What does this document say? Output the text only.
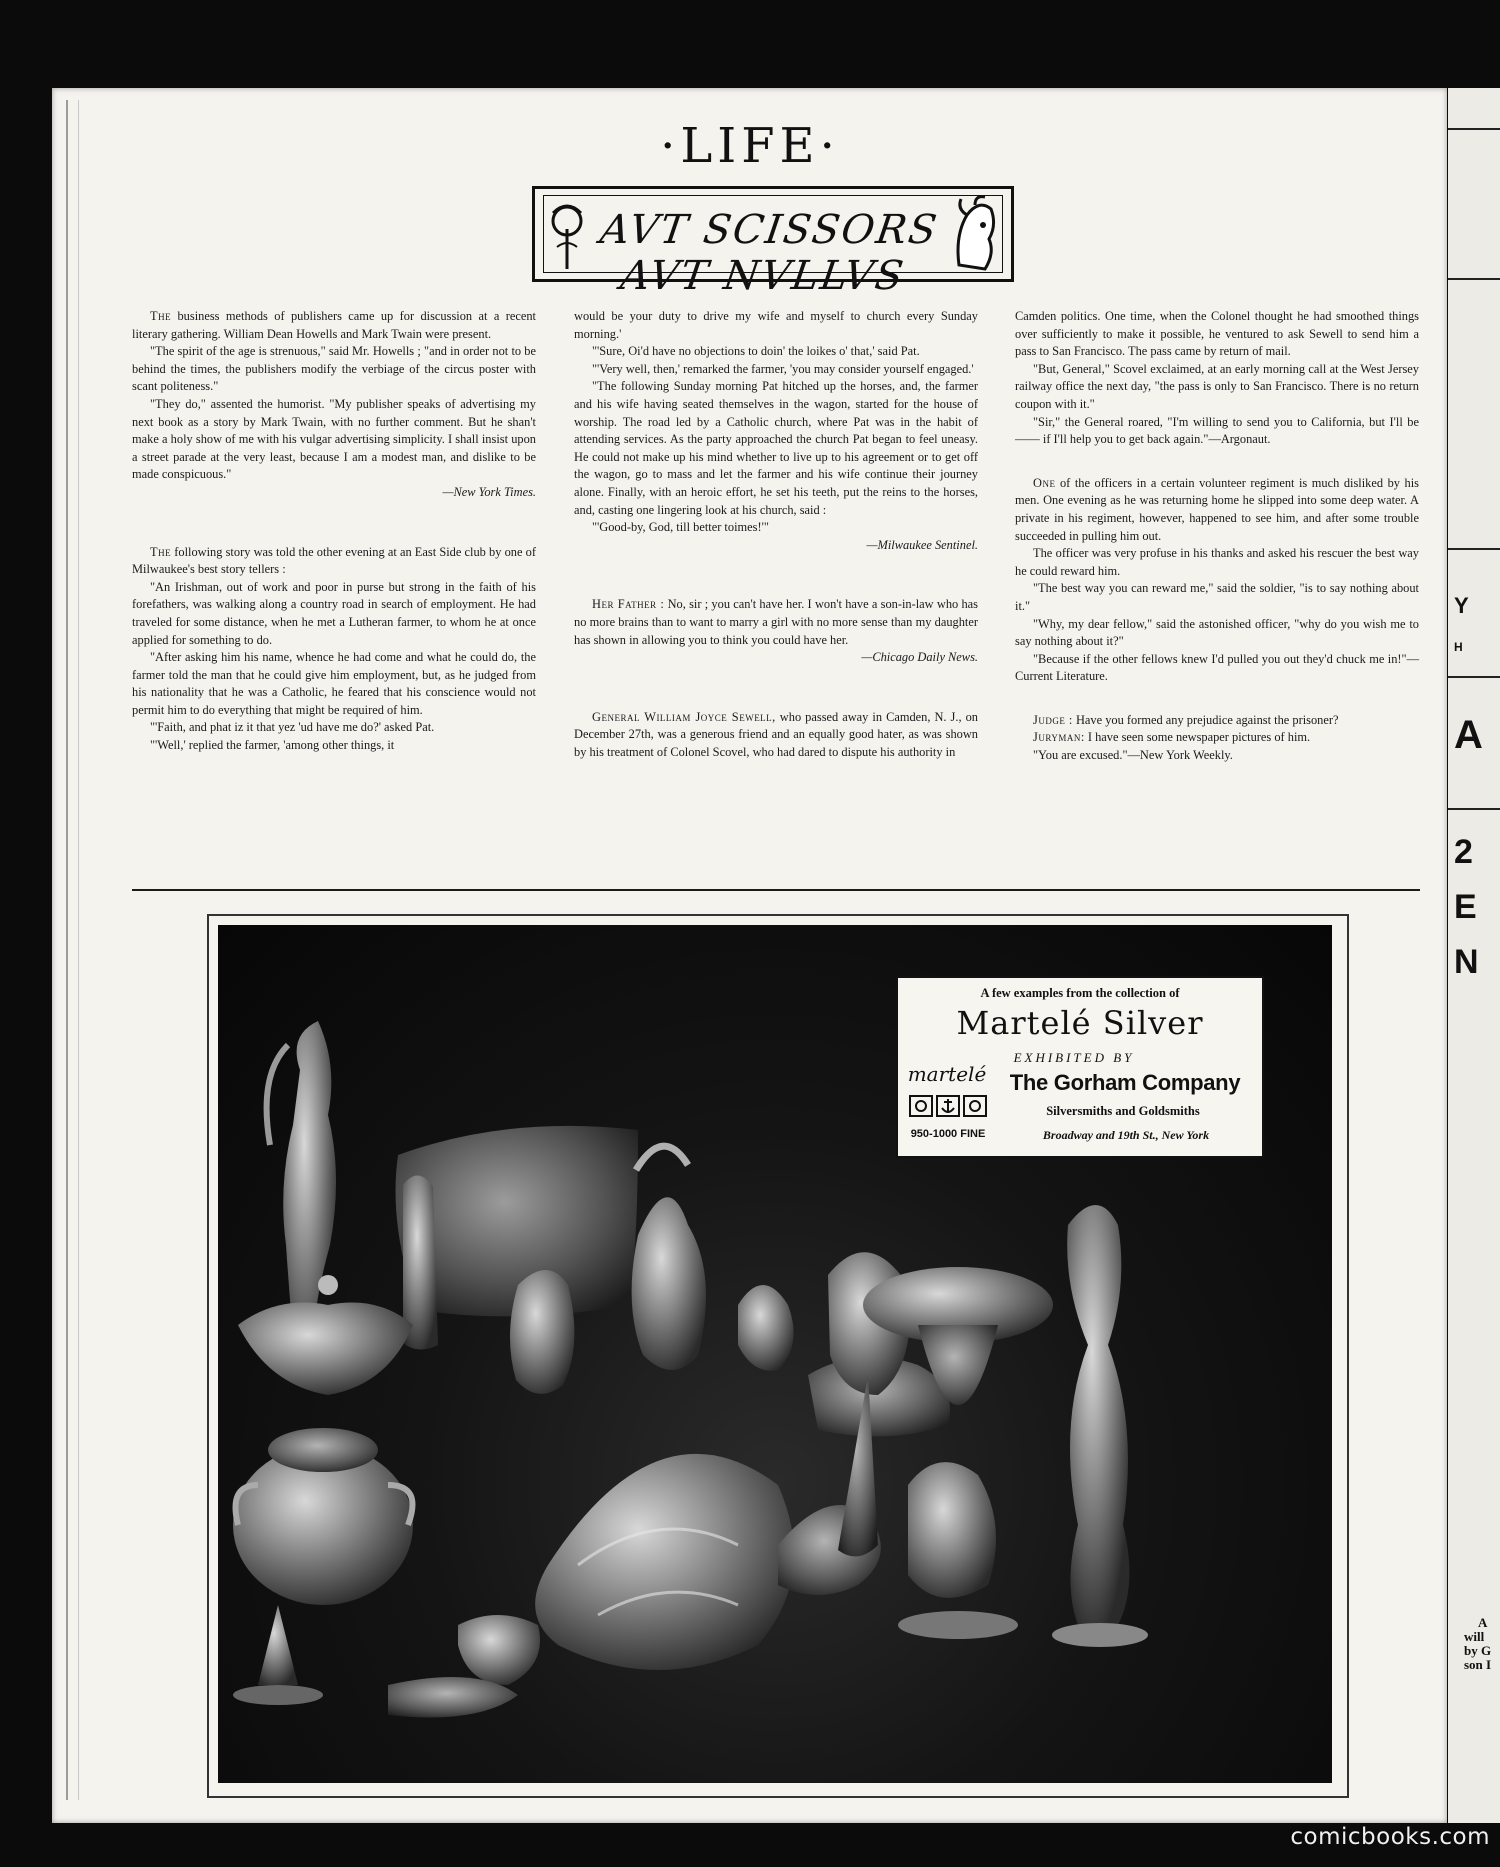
Y
H
A
2
E
N
A
will
by G
son I
·LIFE·
AVT SCISSORS AVT NVLLVS

The business methods of publishers came up for discussion at a recent literary gathering. William Dean Howells and Mark Twain were present.

"The spirit of the age is strenuous," said Mr. Howells ; "and in order not to be behind the times, the publishers modify the verbiage of the circus poster with scant politeness."

"They do," assented the humorist. "My publisher speaks of advertising my next book as a story by Mark Twain, with no further comment. But he shan't make a holy show of me with his vulgar advertising simplicity. I shall insist upon a street parade at the very least, because I am a modest man, and dislike to be made conspicuous."

—New York Times.

The following story was told the other evening at an East Side club by one of Milwaukee's best story tellers :

"An Irishman, out of work and poor in purse but strong in the faith of his forefathers, was walking along a country road in search of employment. He had traveled for some distance, when he met a Lutheran farmer, to whom he at once applied for something to do.

"After asking him his name, whence he had come and what he could do, the farmer told the man that he could give him employment, but, as he judged from his nationality that he was a Catholic, he feared that his conscience would not permit him to do everything that might be required of him.

"'Faith, and phat iz it that yez 'ud have me do?' asked Pat.

"'Well,' replied the farmer, 'among other things, it

would be your duty to drive my wife and myself to church every Sunday morning.'

"'Sure, Oi'd have no objections to doin' the loikes o' that,' said Pat.

"'Very well, then,' remarked the farmer, 'you may consider yourself engaged.'

"The following Sunday morning Pat hitched up the horses, and, the farmer and his wife having seated themselves in the wagon, started for the house of worship. The road led by a Catholic church, where Pat was in the habit of attending services. As the party approached the church Pat began to feel uneasy. He could not make up his mind whether to live up to his agreement or to get off the wagon, go to mass and let the farmer and his wife continue their journey alone. Finally, with an heroic effort, he set his teeth, put the reins to the horses, and, casting one lingering look at his church, said :

"'Good-by, God, till better toimes!'"

—Milwaukee Sentinel.

Her Father : No, sir ; you can't have her. I won't have a son-in-law who has no more brains than to want to marry a girl with no more sense than my daughter has shown in allowing you to think you could have her.

—Chicago Daily News.

General William Joyce Sewell, who passed away in Camden, N. J., on December 27th, was a generous friend and an equally good hater, as was shown by his treatment of Colonel Scovel, who had dared to dispute his authority in

Camden politics. One time, when the Colonel thought he had smoothed things over sufficiently to make it possible, he ventured to ask Sewell to send him a pass to San Francisco. The pass came by return of mail.

"But, General," Scovel exclaimed, at an early morning call at the West Jersey railway office the next day, "the pass is only to San Francisco. There is no return coupon with it."

"Sir," the General roared, "I'm willing to send you to California, but I'll be —— if I'll help you to get back again."—Argonaut.

One of the officers in a certain volunteer regiment is much disliked by his men. One evening as he was returning home he slipped into some deep water. A private in his regiment, however, happened to see him, and after some trouble succeeded in pulling him out.

The officer was very profuse in his thanks and asked his rescuer the best way he could reward him.

"The best way you can reward me," said the soldier, "is to say nothing about it."

"Why, my dear fellow," said the astonished officer, "why do you wish me to say nothing about it?"

"Because if the other fellows knew I'd pulled you out they'd chuck me in!"—Current Literature.

Judge : Have you formed any prejudice against the prisoner?

Juryman: I have seen some newspaper pictures of him.

"You are excused."—New York Weekly.

A few examples from the collection of
Martelé Silver
martelé
950-1000 FINE
EXHIBITED BY
The Gorham Company
Silversmiths and Goldsmiths
Broadway and 19th St., New York
comicbooks.com
